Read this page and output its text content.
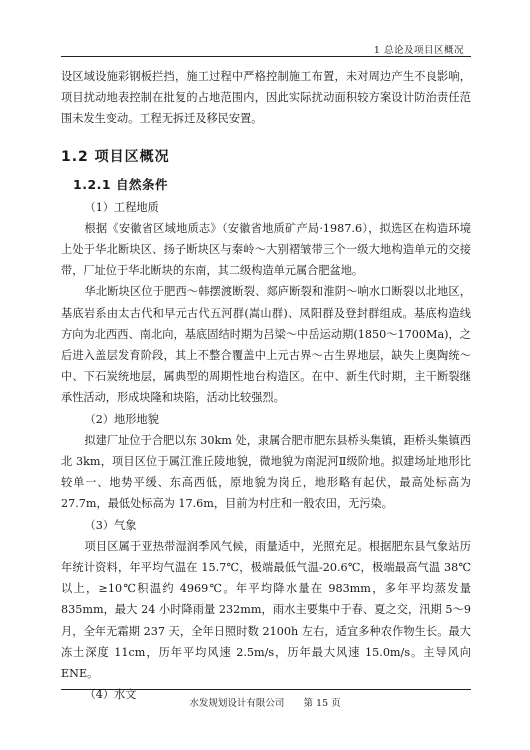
1 总论及项目区概况

设区域设施彩钢板拦挡，施工过程中严格控制施工布置，未对周边产生不良影响，项目扰动地表控制在批复的占地范围内，因此实际扰动面积较方案设计防治责任范围未发生变动。工程无拆迁及移民安置。

1.2 项目区概况
1.2.1 自然条件

（1）工程地质

根据《安徽省区域地质志》（安徽省地质矿产局·1987.6），拟选区在构造环境上处于华北断块区、扬子断块区与秦岭～大别褶皱带三个一级大地构造单元的交接带，厂址位于华北断块的东南，其二级构造单元属合肥盆地。

华北断块区位于肥西～韩摆渡断裂、郯庐断裂和淮阴～响水口断裂以北地区，基底岩系由太古代和早元古代五河群(嵩山群)、凤阳群及登封群组成。基底构造线方向为北西西、南北向，基底固结时期为吕梁～中岳运动期(1850～1700Ma)，之后进入盖层发育阶段，其上不整合覆盖中上元古界～古生界地层，缺失上奥陶统～中、下石炭统地层，属典型的周期性地台构造区。在中、新生代时期，主干断裂继承性活动，形成块隆和块陷，活动比较强烈。

（2）地形地貌

拟建厂址位于合肥以东 30km 处，隶属合肥市肥东县桥头集镇，距桥头集镇西北 3km，项目区位于属江淮丘陵地貌，微地貌为南泥河Ⅱ级阶地。拟建场址地形比较单一、地势平缓、东高西低，原地貌为岗丘，地形略有起伏，最高处标高为 27.7m，最低处标高为 17.6m，目前为村庄和一般农田，无污染。

（3）气象

项目区属于亚热带湿润季风气候，雨量适中，光照充足。根据肥东县气象站历年统计资料，年平均气温在 15.7℃，极端最低气温-20.6℃，极端最高气温 38℃以上，≥10℃积温约 4969℃。年平均降水量在 983mm，多年平均蒸发量 835mm，最大 24 小时降雨量 232mm，雨水主要集中于春、夏之交，汛期 5～9 月，全年无霜期 237 天，全年日照时数 2100h 左右，适宜多种农作物生长。最大冻土深度 11cm，历年平均风速 2.5m/s，历年最大风速 15.0m/s。主导风向 ENE。

（4）水文

水发规划设计有限公司 第 15 页
